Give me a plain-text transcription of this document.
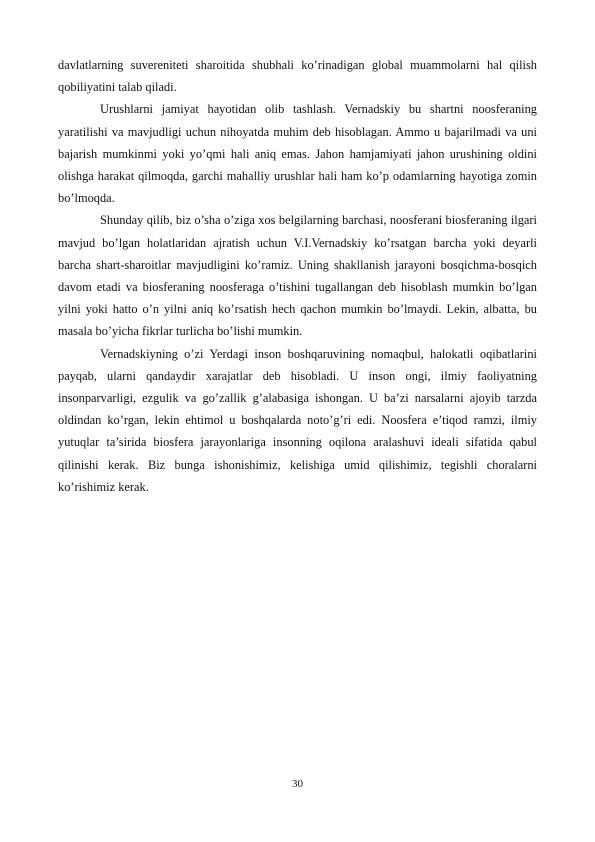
davlatlarning suvereniteti sharoitida shubhali ko’rinadigan global muammolarni hal qilish qobiliyatini talab qiladi.

Urushlarni jamiyat hayotidan olib tashlash. Vernadskiy bu shartni noosferaning yaratilishi va mavjudligi uchun nihoyatda muhim deb hisoblagan. Ammo u bajarilmadi va uni bajarish mumkinmi yoki yo’qmi hali aniq emas. Jahon hamjamiyati jahon urushining oldini olishga harakat qilmoqda, garchi mahalliy urushlar hali ham ko’p odamlarning hayotiga zomin bo’lmoqda.

Shunday qilib, biz o’sha o’ziga xos belgilarning barchasi, noosferani biosferaning ilgari mavjud bo’lgan holatlaridan ajratish uchun V.I.Vernadskiy ko’rsatgan barcha yoki deyarli barcha shart-sharoitlar mavjudligini ko’ramiz. Uning shakllanish jarayoni bosqichma-bosqich davom etadi va biosferaning noosferaga o’tishini tugallangan deb hisoblash mumkin bo’lgan yilni yoki hatto o’n yilni aniq ko’rsatish hech qachon mumkin bo’lmaydi. Lekin, albatta, bu masala bo’yicha fikrlar turlicha bo’lishi mumkin.

Vernadskiyning o’zi Yerdagi inson boshqaruvining nomaqbul, halokatli oqibatlarini payqab, ularni qandaydir xarajatlar deb hisobladi. U inson ongi, ilmiy faoliyatning insonparvarligi, ezgulik va go’zallik g’alabasiga ishongan. U ba’zi narsalarni ajoyib tarzda oldindan ko’rgan, lekin ehtimol u boshqalarda noto’g’ri edi. Noosfera e’tiqod ramzi, ilmiy yutuqlar ta’sirida biosfera jarayonlariga insonning oqilona aralashuvi ideali sifatida qabul qilinishi kerak. Biz bunga ishonishimiz, kelishiga umid qilishimiz, tegishli choralarni ko’rishimiz kerak.

30
